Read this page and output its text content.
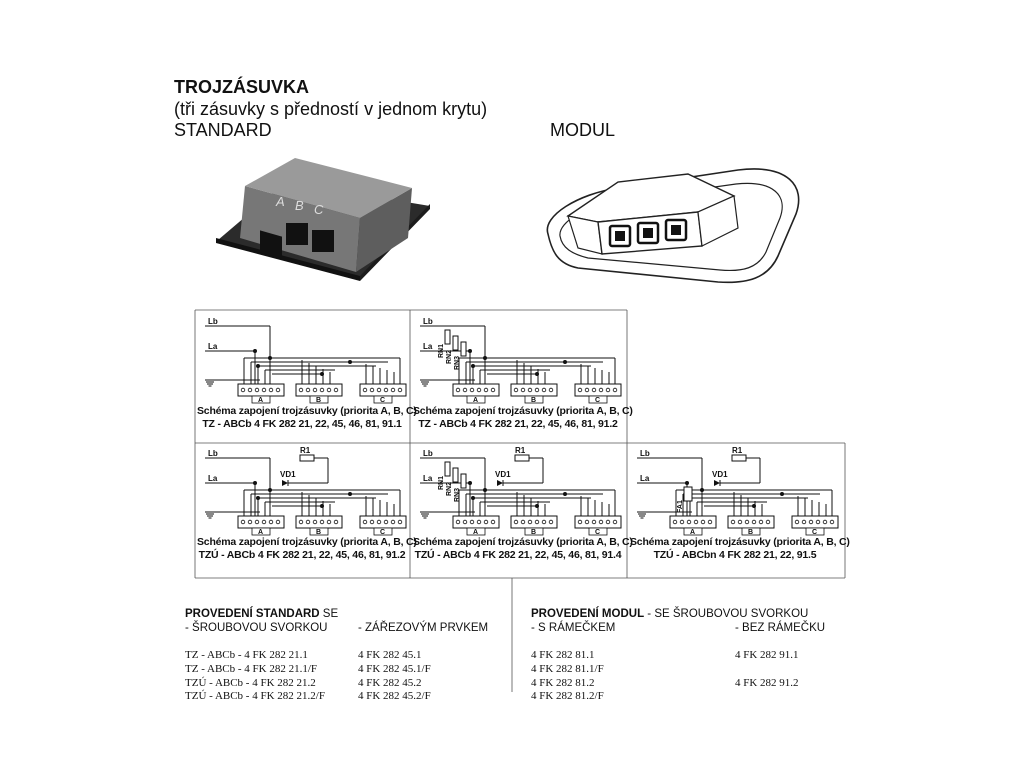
TROJZÁSUVKA
(tři zásuvky s předností v jednom krytu)
STANDARD	MODUL
A B C
Lb
La
A	B	C
Lb
La
A	B	C
RN1 RN2 RN3
Lb
La
A	B	C
R1
VD1
Lb
La
A	B	C
R1
VD1
RN1 RN2 RN3
Lb
La
A	B	C
R1
VD1
FA1
Schéma zapojení trojzásuvky (priorita A, B, C)
TZ - ABCb 4 FK 282 21, 22, 45, 46, 81, 91.1
Schéma zapojení trojzásuvky (priorita A, B, C)
TZ - ABCb 4 FK 282 21, 22, 45, 46, 81, 91.2
Schéma zapojení trojzásuvky (priorita A, B, C)
TZÚ - ABCb 4 FK 282 21, 22, 45, 46, 81, 91.2
Schéma zapojení trojzásuvky (priorita A, B, C)
TZÚ - ABCb 4 FK 282 21, 22, 45, 46, 81, 91.4
Schéma zapojení trojzásuvky (priorita A, B, C)
TZÚ - ABCbn 4 FK 282 21, 22, 91.5
PROVEDENÍ STANDARD SE
- ŠROUBOVOU SVORKOU	- ZÁŘEZOVÝM PRVKEM
TZ - ABCb - 4 FK 282 21.1	4 FK 282 45.1
TZ - ABCb - 4 FK 282 21.1/F	4 FK 282 45.1/F
TZÚ - ABCb - 4 FK 282 21.2	4 FK 282 45.2
TZÚ - ABCb - 4 FK 282 21.2/F	4 FK 282 45.2/F
PROVEDENÍ MODUL - SE ŠROUBOVOU SVORKOU
- S RÁMEČKEM	- BEZ RÁMEČKU
4 FK 282 81.1	4 FK 282 91.1
4 FK 282 81.1/F
4 FK 282 81.2	4 FK 282 91.2
4 FK 282 81.2/F
